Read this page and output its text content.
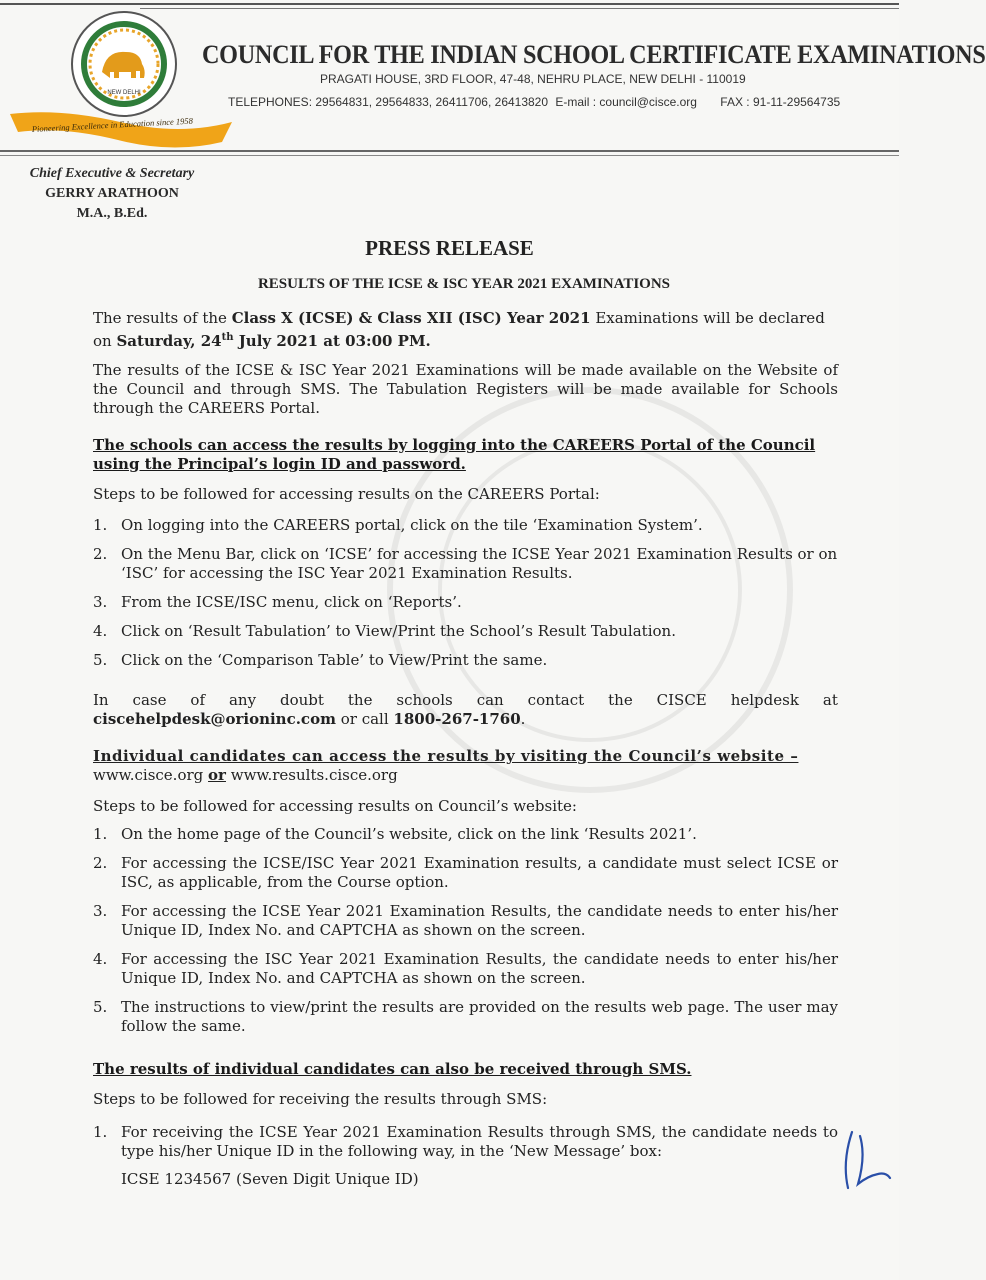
NEW DELHI
Pioneering Excellence in Education since 1958
COUNCIL FOR THE INDIAN SCHOOL CERTIFICATE EXAMINATIONS
PRAGATI HOUSE, 3RD FLOOR, 47-48, NEHRU PLACE, NEW DELHI - 110019
TELEPHONES: 29564831, 29564833, 26411706, 26413820 E-mail : council@cisce.org FAX : 91-11-29564735
Chief Executive & Secretary
GERRY ARATHOON
M.A., B.Ed.
PRESS RELEASE
RESULTS OF THE ICSE & ISC YEAR 2021 EXAMINATIONS
The results of the Class X (ICSE) & Class XII (ISC) Year 2021 Examinations will be declared
on Saturday, 24th July 2021 at 03:00 PM.
The results of the ICSE & ISC Year 2021 Examinations will be made available on the Website of the Council and through SMS. The Tabulation Registers will be made available for Schools through the CAREERS Portal.
The schools can access the results by logging into the CAREERS Portal of the Council using the Principal’s login ID and password.
Steps to be followed for accessing results on the CAREERS Portal:
1. On logging into the CAREERS portal, click on the tile ‘Examination System’.
2. On the Menu Bar, click on ‘ICSE’ for accessing the ICSE Year 2021 Examination Results or on ‘ISC’ for accessing the ISC Year 2021 Examination Results.
3. From the ICSE/ISC menu, click on ‘Reports’.
4. Click on ‘Result Tabulation’ to View/Print the School’s Result Tabulation.
5. Click on the ‘Comparison Table’ to View/Print the same.
In case of any doubt the schools can contact the CISCE helpdesk at
ciscehelpdesk@orioninc.com or call 1800-267-1760.
Individual candidates can access the results by visiting the Council’s website –
www.cisce.org or www.results.cisce.org
Steps to be followed for accessing results on Council’s website:
1. On the home page of the Council’s website, click on the link ‘Results 2021’.
2. For accessing the ICSE/ISC Year 2021 Examination results, a candidate must select ICSE or ISC, as applicable, from the Course option.
3. For accessing the ICSE Year 2021 Examination Results, the candidate needs to enter his/her Unique ID, Index No. and CAPTCHA as shown on the screen.
4. For accessing the ISC Year 2021 Examination Results, the candidate needs to enter his/her Unique ID, Index No. and CAPTCHA as shown on the screen.
5. The instructions to view/print the results are provided on the results web page. The user may follow the same.
The results of individual candidates can also be received through SMS.
Steps to be followed for receiving the results through SMS:
1. For receiving the ICSE Year 2021 Examination Results through SMS, the candidate needs to type his/her Unique ID in the following way, in the ‘New Message’ box:
ICSE 1234567 (Seven Digit Unique ID)
